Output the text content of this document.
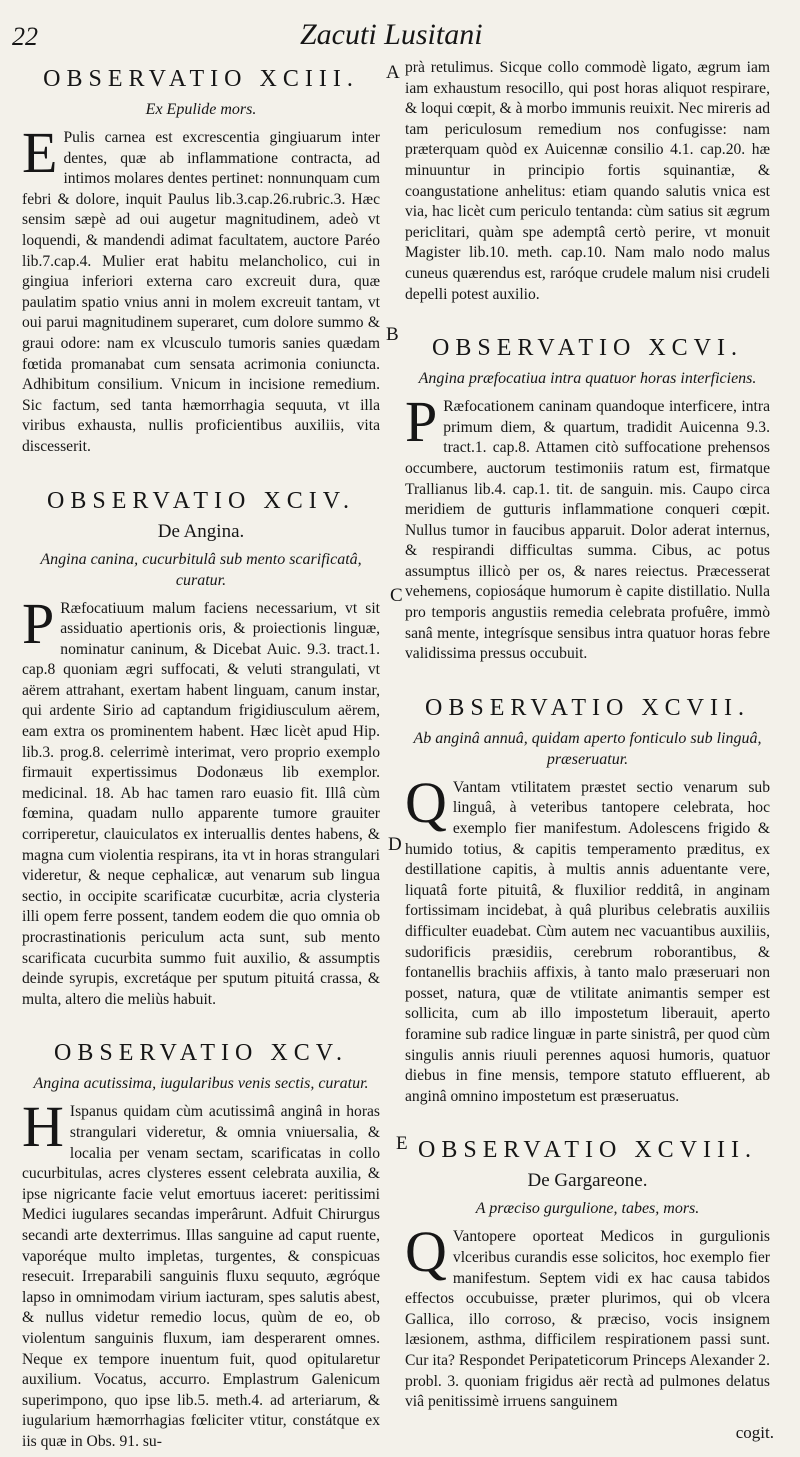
22	Zacuti Lusitani
OBSERVATIO XCIII.
Ex Epulide mors.

E Pulis carnea est excrescentia gingiuarum inter dentes, quæ ab inflammatione contracta, ad intimos molares dentes pertinet: nonnunquam cum febri & dolore, inquit Paulus lib.3.cap.26.rubric.3. Hæc sensim sæpè ad oui augetur magnitudinem, adeò vt loquendi, & mandendi adimat facultatem, auctore Paréo lib.7.cap.4. Mulier erat habitu melancholico, cui in gingiua inferiori externa caro excreuit dura, quæ paulatim spatio vnius anni in molem excreuit tantam, vt oui parui magnitudinem superaret, cum dolore summo & graui odore: nam ex vlcusculo tumoris sanies quædam fœtida promanabat cum sensata acrimonia coniuncta. Adhibitum consilium. Vnicum in incisione remedium. Sic factum, sed tanta hæmorrhagia sequuta, vt illa viribus exhausta, nullis proficientibus auxiliis, vita discesserit.

OBSERVATIO XCIV.
De Angina.
Angina canina, cucurbitulâ sub mento scarificatâ, curatur.

P Ræfocatiuum malum faciens necessarium, vt sit assiduatio apertionis oris, & proiectionis linguæ, nominatur caninum, & Dicebat Auic. 9.3. tract.1. cap.8 quoniam ægri suffocati, & veluti strangulati, vt aërem attrahant, exertam habent linguam, canum instar, qui ardente Sirio ad captandum frigidiusculum aërem, eam extra os prominentem habent. Hæc licèt apud Hip. lib.3. prog.8. celerrimè interimat, vero proprio exemplo firmauit expertissimus Dodonæus lib exemplor. medicinal. 18. Ab hac tamen raro euasio fit. Illâ cùm fœmina, quadam nullo apparente tumore grauiter corriperetur, clauiculatos ex interuallis dentes habens, & magna cum violentia respirans, ita vt in horas strangulari videretur, & neque cephalicæ, aut venarum sub lingua sectio, in occipite scarificatæ cucurbitæ, acria clysteria illi opem ferre possent, tandem eodem die quo omnia ob procrastinationis periculum acta sunt, sub mento scarificata cucurbita summo fuit auxilio, & assumptis deinde syrupis, excretáque per sputum pituitá crassa, & multa, altero die meliùs habuit.

OBSERVATIO XCV.
Angina acutissima, iugularibus venis sectis, curatur.

H Ispanus quidam cùm acutissimâ anginâ in horas strangulari videretur, & omnia vniuersalia, & localia per venam sectam, scarificatas in collo cucurbitulas, acres clysteres essent celebrata auxilia, & ipse nigricante facie velut emortuus iaceret: peritissimi Medici iugulares secandas imperârunt. Adfuit Chirurgus secandi arte dexterrimus. Illas sanguine ad caput ruente, vaporéque multo impletas, turgentes, & conspicuas resecuit. Irreparabili sanguinis fluxu sequuto, ægróque lapso in omnimodam virium iacturam, spes salutis abest, & nullus videtur remedio locus, quùm de eo, ob violentum sanguinis fluxum, iam desperarent omnes. Neque ex tempore inuentum fuit, quod opitularetur auxilium. Vocatus, accurro. Emplastrum Galenicum superimpono, quo ipse lib.5. meth.4. ad arteriarum, & iugularium hæmorrhagias fœliciter vtitur, constátque ex iis quæ in Obs. 91. su-

A
B
C
D
E

prà retulimus. Sicque collo commodè ligato, ægrum iam iam exhaustum resocillo, qui post horas aliquot respirare, & loqui cœpit, & à morbo immunis reuixit. Nec mireris ad tam periculosum remedium nos confugisse: nam præterquam quòd ex Auicennæ consilio 4.1. cap.20. hæ minuuntur in principio fortis squinantiæ, & coangustatione anhelitus: etiam quando salutis vnica est via, hac licèt cum periculo tentanda: cùm satius sit ægrum periclitari, quàm spe ademptâ certò perire, vt monuit Magister lib.10. meth. cap.10. Nam malo nodo malus cuneus quærendus est, raróque crudele malum nisi crudeli depelli potest auxilio.

OBSERVATIO XCVI.
Angina præfocatiua intra quatuor horas interficiens.

P Ræfocationem caninam quandoque interficere, intra primum diem, & quartum, tradidit Auicenna 9.3. tract.1. cap.8. Attamen citò suffocatione prehensos occumbere, auctorum testimoniis ratum est, firmatque Trallianus lib.4. cap.1. tit. de sanguin. mis. Caupo circa meridiem de gutturis inflammatione conqueri cœpit. Nullus tumor in faucibus apparuit. Dolor aderat internus, & respirandi difficultas summa. Cibus, ac potus assumptus illicò per os, & nares reiectus. Præcesserat vehemens, copiosáque humorum è capite distillatio. Nulla pro temporis angustiis remedia celebrata profuêre, immò sanâ mente, integrísque sensibus intra quatuor horas febre validissima pressus occubuit.

OBSERVATIO XCVII.
Ab anginâ annuâ, quidam aperto fonticulo sub linguâ, præseruatur.

Q Vantam vtilitatem præstet sectio venarum sub linguâ, à veteribus tantopere celebrata, hoc exemplo fier manifestum. Adolescens frigido & humido totius, & capitis temperamento præditus, ex destillatione capitis, à multis annis aduentante vere, liquatâ forte pituitâ, & fluxilior redditâ, in anginam fortissimam incidebat, à quâ pluribus celebratis auxiliis difficulter euadebat. Cùm autem nec vacuantibus auxiliis, sudorificis præsidiis, cerebrum roborantibus, & fontanellis brachiis affixis, à tanto malo præseruari non posset, natura, quæ de vtilitate animantis semper est sollicita, cum ab illo impostetum liberauit, aperto foramine sub radice linguæ in parte sinistrâ, per quod cùm singulis annis riuuli perennes aquosi humoris, quatuor diebus in fine mensis, tempore statuto effluerent, ab anginâ omnino impostetum est præseruatus.

OBSERVATIO XCVIII.
De Gargareone.
A præciso gurgulione, tabes, mors.

Q Vantopere oporteat Medicos in gurgulionis vlceribus curandis esse solicitos, hoc exemplo fier manifestum. Septem vidi ex hac causa tabidos effectos occubuisse, præter plurimos, qui ob vlcera Gallica, illo corroso, & præciso, vocis insignem læsionem, asthma, difficilem respirationem passi sunt. Cur ita? Respondet Peripateticorum Princeps Alexander 2. probl. 3. quoniam frigidus aër rectà ad pulmones delatus viâ penitissimè irruens sanguinem

cogit.
